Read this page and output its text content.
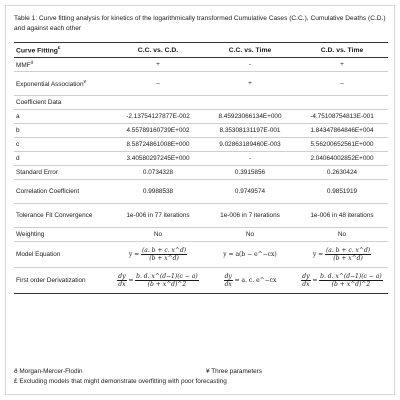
Table 1: Curve fitting analysis for kinetics of the logarithmically transformed Cumulative Cases (C.C.), Cumulative Deaths (C.D.) and against each other
Curve Fitting£	C.C. vs. C.D.	C.C. vs. Time	C.D. vs. Time
$MMF^ð$	+	-	+
Exponential Association¥	–	+	–
Coefficient Data			
a	-2.13754127877E-002	8.45923066134E+000	-4.75108754813E-001
b	4.55789160739E+002	8.35308131197E-001	1.84347864846E+004
c	8.58724861008E+000	9.02863189460E-003	5.56200652561E+000
d	3.40580297245E+000	-	2.04064002852E+000
Standard Error	0.0734328	0.3915856	0.2630424
Correlation Coefficient	0.9988538	0.9749574	0.9851919
Tolerance Fit Convergence	1e-006 in 77 iterations	1e-006 in 7 iterations	1e-006 in 48 iterations
Weighting	No	No	No
Model Equation	$y = \frac{(a. b + c. x\^{}d)}{(b + x\^{}d)}$	y = a(b − e^−cx)	$y = \frac{(a. b + c. x\^{}d)}{(b + x\^{}d)}$

First order Derivatization	$\frac{dy}{dx} = \frac{b. d. x\^{}(d-1)(c - a)}{(b + x\^{}d)\^{}2}$	$\frac{dy}{dx} = a$. c. e^−cx	$\frac{dy}{dx} = \frac{b. d. x\^{}(d-1)(c - a)}{(b + x\^{}d)\^{}2}$
ð Morgan-Mercer-Flodin	¥ Three parameters
£ Excluding models that might demonstrate overfitting with poor forecasting
